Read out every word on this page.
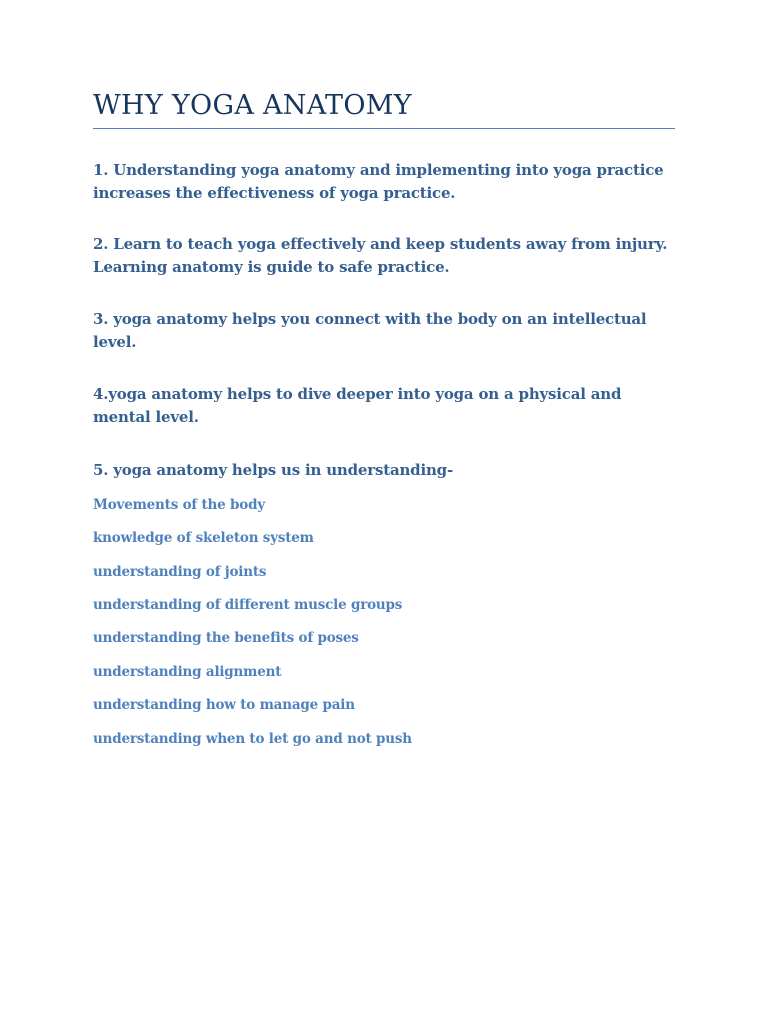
WHY YOGA ANATOMY
1. Understanding yoga anatomy and implementing into yoga practice increases the effectiveness of yoga practice.
2. Learn to teach yoga effectively and keep students away from injury. Learning anatomy is guide to safe practice.
3. yoga anatomy helps you connect with the body on an intellectual level.
4.yoga anatomy helps to dive deeper into yoga on a physical and mental level.
5. yoga anatomy helps us in understanding-
Movements of the body
knowledge of skeleton system
understanding of joints
understanding of different muscle groups
understanding the benefits of poses
understanding alignment
understanding how to manage pain
understanding when to let go and not push
